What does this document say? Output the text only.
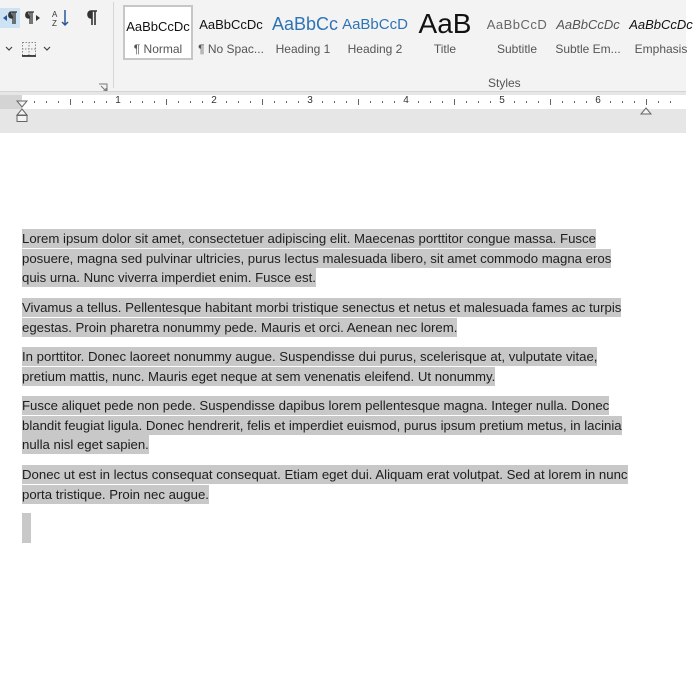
A
Z	AaBbCcDc
¶ Normal
AaBbCcDc
¶ No Spac...
AaBbCc
Heading 1
AaBbCcD
Heading 2
AaB
Title
AaBbCcD
Subtitle
AaBbCcDc
Subtle Em...
AaBbCcDc
Emphasis
Styles
1	2	3	4	5	6
Lorem ipsum dolor sit amet, consectetuer adipiscing elit. Maecenas porttitor congue massa. Fusce
posuere, magna sed pulvinar ultricies, purus lectus malesuada libero, sit amet commodo magna eros
quis urna. Nunc viverra imperdiet enim. Fusce est.
Vivamus a tellus. Pellentesque habitant morbi tristique senectus et netus et malesuada fames ac turpis
egestas. Proin pharetra nonummy pede. Mauris et orci. Aenean nec lorem.
In porttitor. Donec laoreet nonummy augue. Suspendisse dui purus, scelerisque at, vulputate vitae,
pretium mattis, nunc. Mauris eget neque at sem venenatis eleifend. Ut nonummy.
Fusce aliquet pede non pede. Suspendisse dapibus lorem pellentesque magna. Integer nulla. Donec
blandit feugiat ligula. Donec hendrerit, felis et imperdiet euismod, purus ipsum pretium metus, in lacinia
nulla nisl eget sapien.
Donec ut est in lectus consequat consequat. Etiam eget dui. Aliquam erat volutpat. Sed at lorem in nunc
porta tristique. Proin nec augue.
